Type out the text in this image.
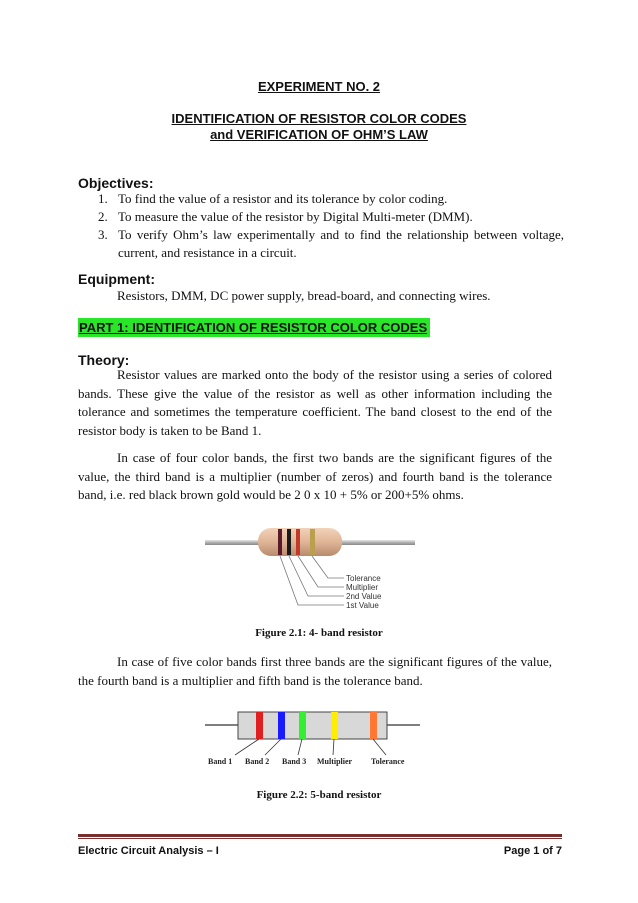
EXPERIMENT NO. 2
IDENTIFICATION OF RESISTOR COLOR CODES
and VERIFICATION OF OHM’S LAW
Objectives:
1. To find the value of a resistor and its tolerance by color coding.
2. To measure the value of the resistor by Digital Multi-meter (DMM).
3. To verify Ohm’s law experimentally and to find the relationship between voltage, current, and resistance in a circuit.
Equipment:
Resistors, DMM, DC power supply, bread-board, and connecting wires.
PART 1: IDENTIFICATION OF RESISTOR COLOR CODES
Theory:
Resistor values are marked onto the body of the resistor using a series of colored bands. These give the value of the resistor as well as other information including the tolerance and sometimes the temperature coefficient. The band closest to the end of the resistor body is taken to be Band 1.
In case of four color bands, the first two bands are the significant figures of the value, the third band is a multiplier (number of zeros) and fourth band is the tolerance band, i.e. red black brown gold would be 2 0 x 10 + 5% or 200+5% ohms.
Tolerance
Multiplier
2nd Value
1st Value
Figure 2.1: 4- band resistor
In case of five color bands first three bands are the significant figures of the value, the fourth band is a multiplier and fifth band is the tolerance band.
Band 1 Band 2 Band 3 Multiplier Tolerance
Figure 2.2: 5-band resistor
Electric Circuit Analysis – I	Page 1 of 7
